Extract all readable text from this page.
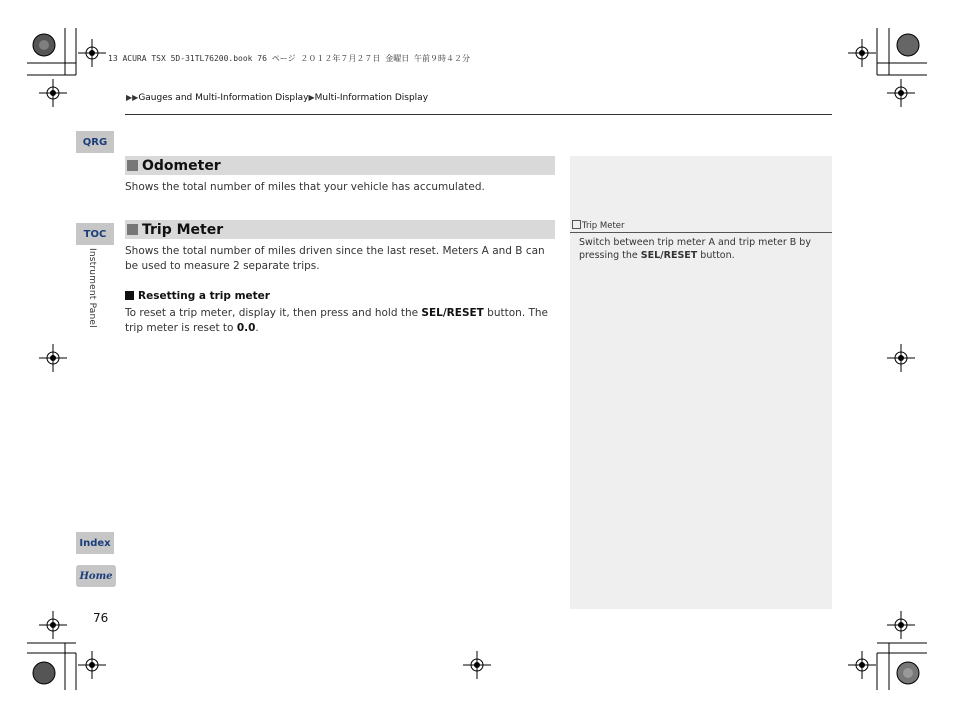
13 ACURA TSX 5D-31TL76200.book 76 ページ ２０１２年７月２７日 金曜日 午前９時４２分
▶▶Gauges and Multi-Information Display▶Multi-Information Display
QRG
TOC
Index
Home
Instrument Panel
76
Odometer
Shows the total number of miles that your vehicle has accumulated.
Trip Meter
Shows the total number of miles driven since the last reset. Meters A and B can be used to measure 2 separate trips.
Resetting a trip meter
To reset a trip meter, display it, then press and hold the SEL/RESET button. The trip meter is reset to 0.0.
Trip Meter
Switch between trip meter A and trip meter B by pressing the SEL/RESET button.
